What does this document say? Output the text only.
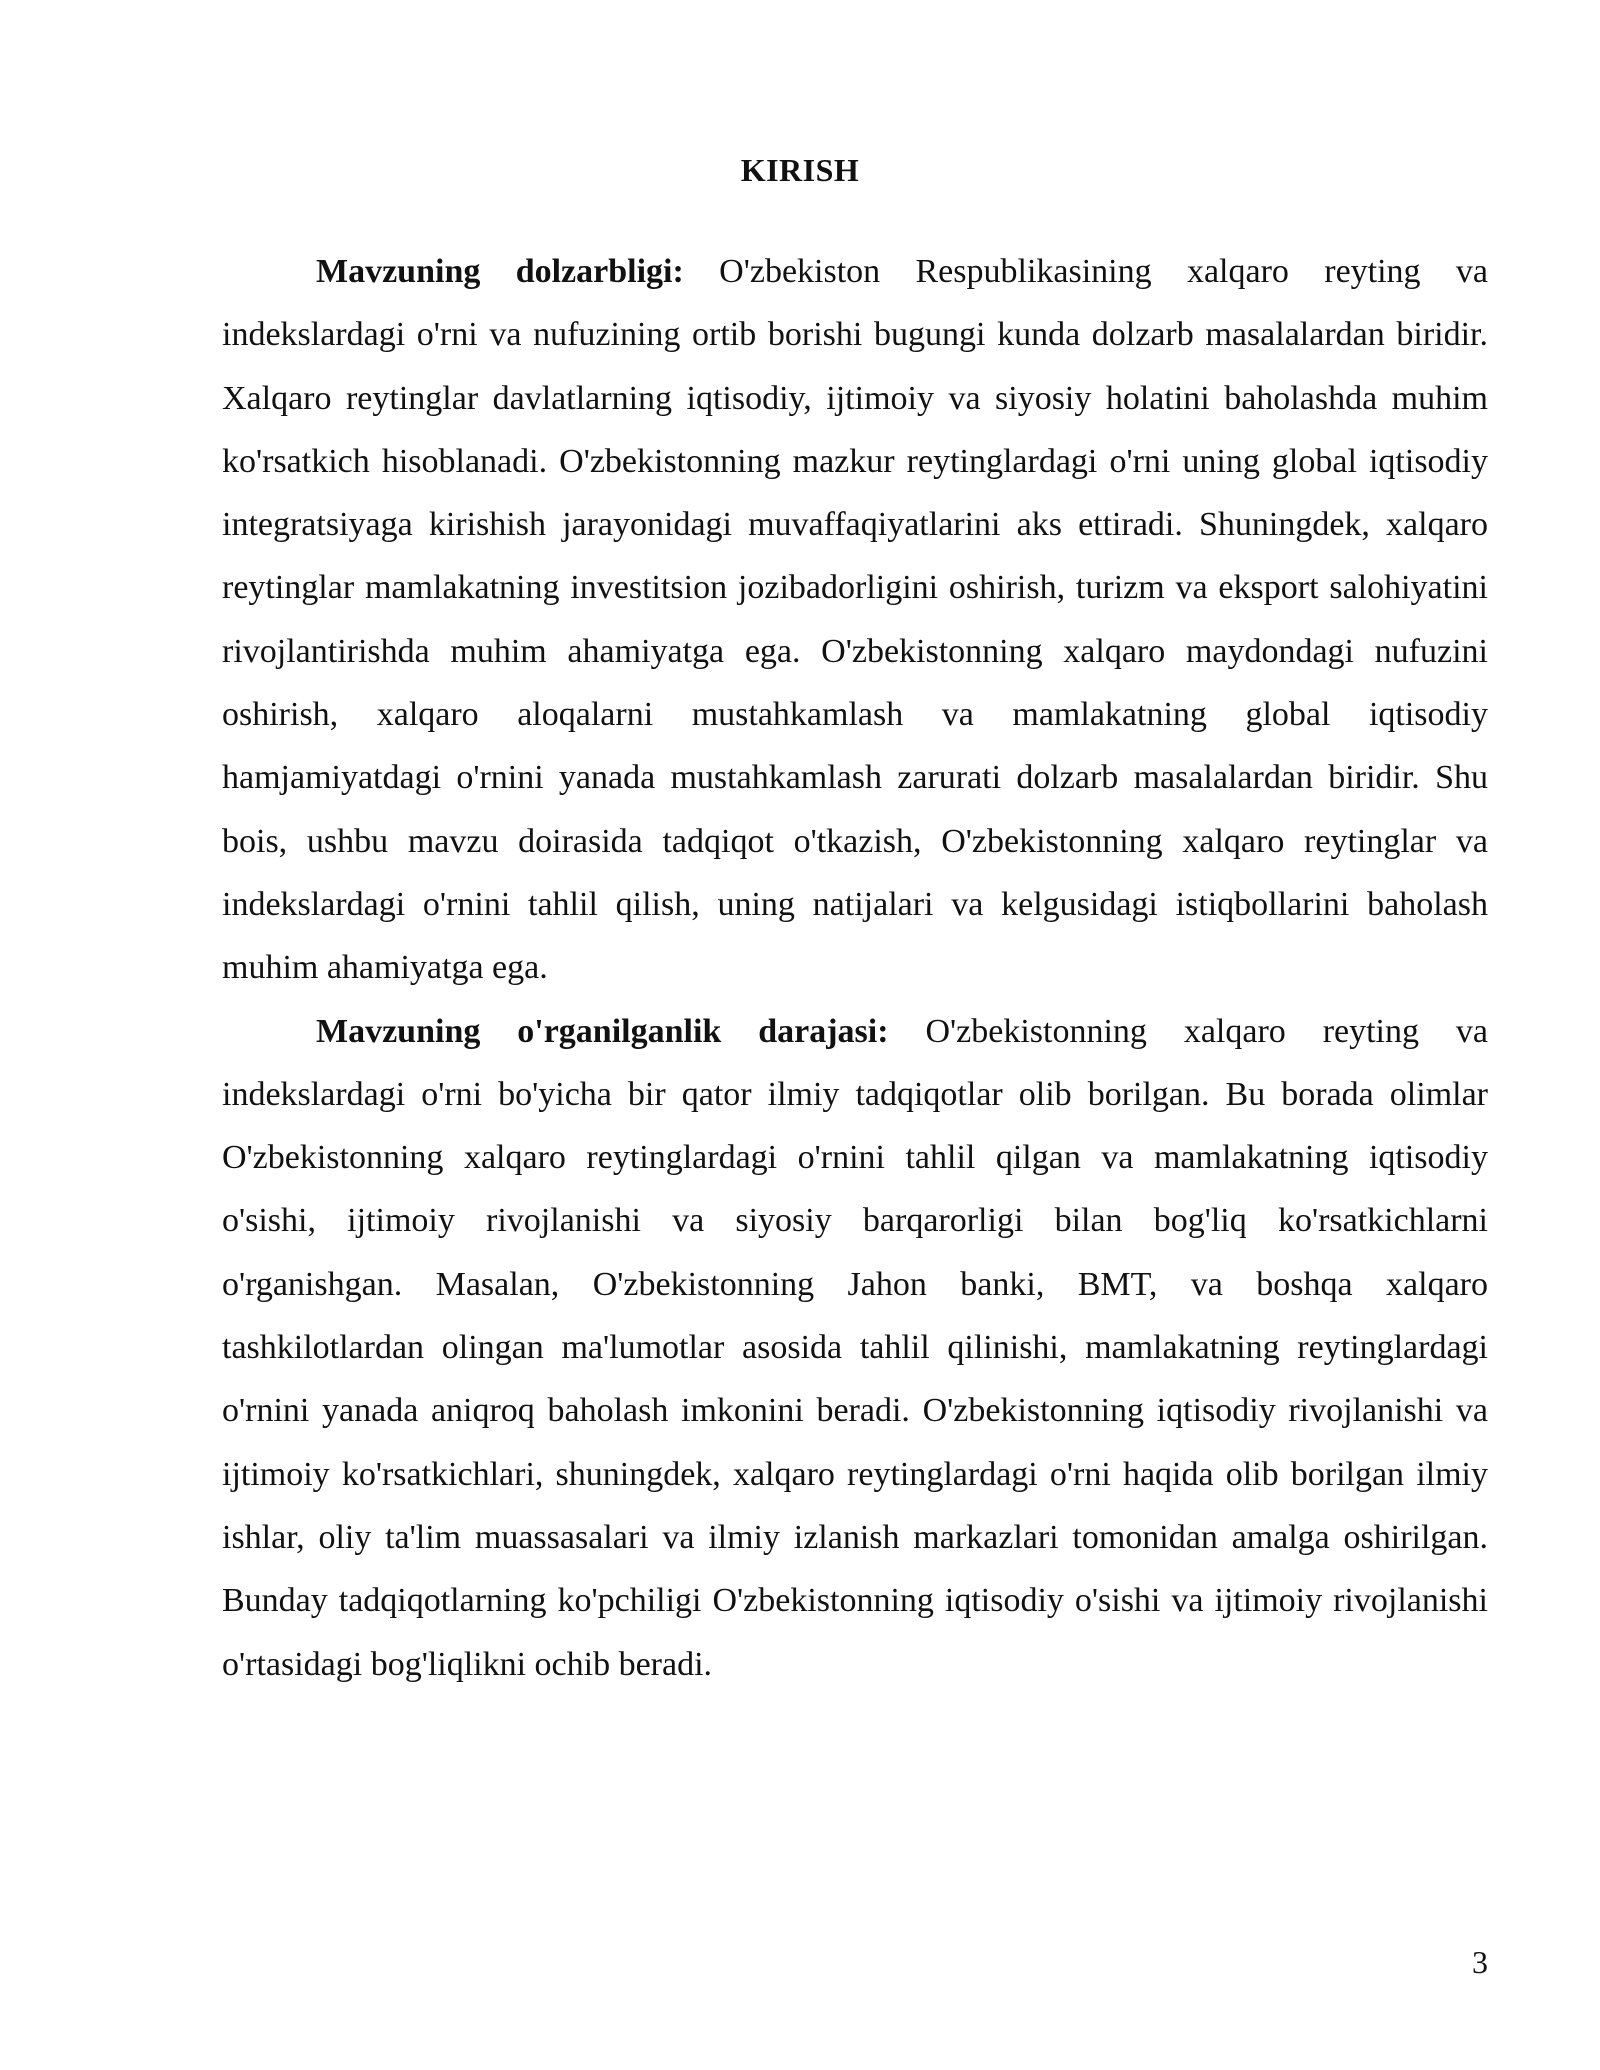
KIRISH

Mavzuning dolzarbligi: O'zbekiston Respublikasining xalqaro reyting va indekslardagi o'rni va nufuzining ortib borishi bugungi kunda dolzarb masalalardan biridir. Xalqaro reytinglar davlatlarning iqtisodiy, ijtimoiy va siyosiy holatini baholashda muhim ko'rsatkich hisoblanadi. O'zbekistonning mazkur reytinglardagi o'rni uning global iqtisodiy integratsiyaga kirishish jarayonidagi muvaffaqiyatlarini aks ettiradi. Shuningdek, xalqaro reytinglar mamlakatning investitsion jozibadorligini oshirish, turizm va eksport salohiyatini rivojlantirishda muhim ahamiyatga ega. O'zbekistonning xalqaro maydondagi nufuzini oshirish, xalqaro aloqalarni mustahkamlash va mamlakatning global iqtisodiy hamjamiyatdagi o'rnini yanada mustahkamlash zarurati dolzarb masalalardan biridir. Shu bois, ushbu mavzu doirasida tadqiqot o'tkazish, O'zbekistonning xalqaro reytinglar va indekslardagi o'rnini tahlil qilish, uning natijalari va kelgusidagi istiqbollarini baholash muhim ahamiyatga ega.

Mavzuning o'rganilganlik darajasi: O'zbekistonning xalqaro reyting va indekslardagi o'rni bo'yicha bir qator ilmiy tadqiqotlar olib borilgan. Bu borada olimlar O'zbekistonning xalqaro reytinglardagi o'rnini tahlil qilgan va mamlakatning iqtisodiy o'sishi, ijtimoiy rivojlanishi va siyosiy barqarorligi bilan bog'liq ko'rsatkichlarni o'rganishgan. Masalan, O'zbekistonning Jahon banki, BMT, va boshqa xalqaro tashkilotlardan olingan ma'lumotlar asosida tahlil qilinishi, mamlakatning reytinglardagi o'rnini yanada aniqroq baholash imkonini beradi. O'zbekistonning iqtisodiy rivojlanishi va ijtimoiy ko'rsatkichlari, shuningdek, xalqaro reytinglardagi o'rni haqida olib borilgan ilmiy ishlar, oliy ta'lim muassasalari va ilmiy izlanish markazlari tomonidan amalga oshirilgan. Bunday tadqiqotlarning ko'pchiligi O'zbekistonning iqtisodiy o'sishi va ijtimoiy rivojlanishi o'rtasidagi bog'liqlikni ochib beradi.

3
